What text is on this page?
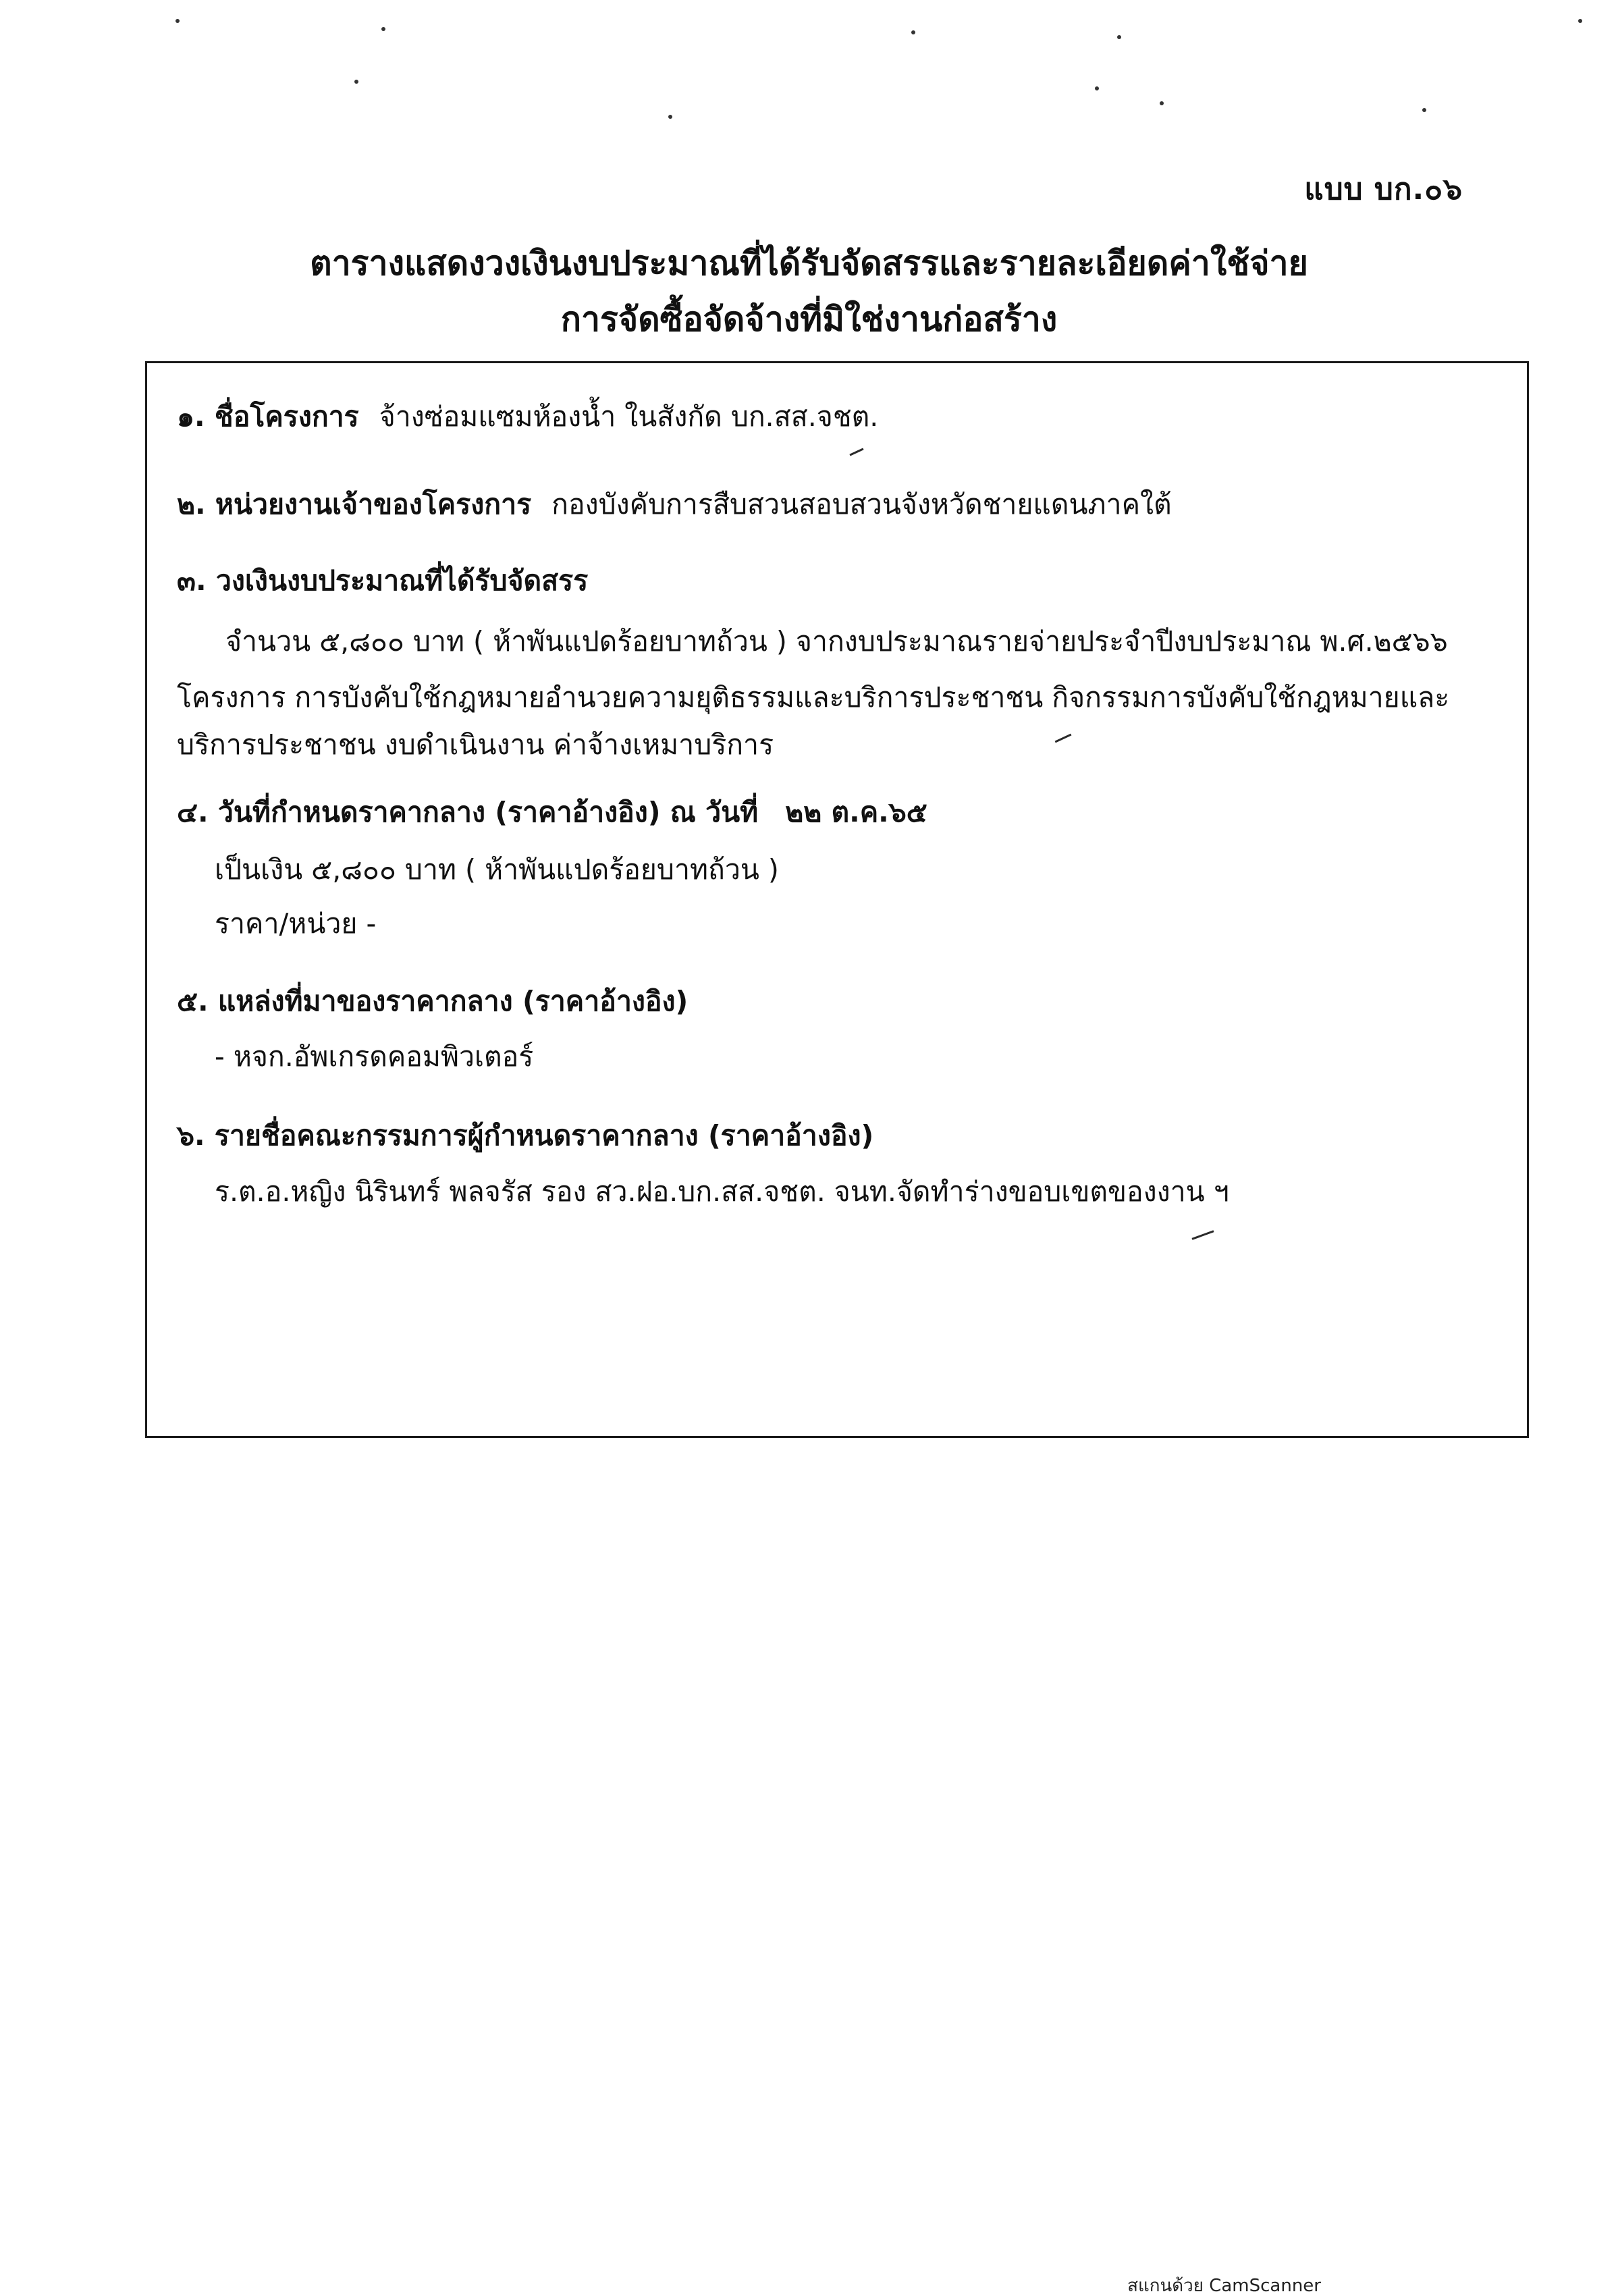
แบบ บก.๐๖
ตารางแสดงวงเงินงบประมาณที่ได้รับจัดสรรและรายละเอียดค่าใช้จ่าย
การจัดซื้อจัดจ้างที่มิใช่งานก่อสร้าง
๑. ชื่อโครงการ จ้างซ่อมแซมห้องน้ำ ในสังกัด บก.สส.จชต.
๒. หน่วยงานเจ้าของโครงการ กองบังคับการสืบสวนสอบสวนจังหวัดชายแดนภาคใต้
๓. วงเงินงบประมาณที่ได้รับจัดสรร
จำนวน ๕,๘๐๐ บาท ( ห้าพันแปดร้อยบาทถ้วน ) จากงบประมาณรายจ่ายประจำปีงบประมาณ พ.ศ.๒๕๖๖
โครงการ การบังคับใช้กฎหมายอำนวยความยุติธรรมและบริการประชาชน กิจกรรมการบังคับใช้กฎหมายและ
บริการประชาชน งบดำเนินงาน ค่าจ้างเหมาบริการ
๔. วันที่กำหนดราคากลาง (ราคาอ้างอิง) ณ วันที่ ๒๒ ต.ค.๖๕
เป็นเงิน ๕,๘๐๐ บาท ( ห้าพันแปดร้อยบาทถ้วน )
ราคา/หน่วย -
๕. แหล่งที่มาของราคากลาง (ราคาอ้างอิง)
- หจก.อัพเกรดคอมพิวเตอร์
๖. รายชื่อคณะกรรมการผู้กำหนดราคากลาง (ราคาอ้างอิง)
ร.ต.อ.หญิง นิรินทร์ พลจรัส รอง สว.ฝอ.บก.สส.จชต. จนท.จัดทำร่างขอบเขตของงาน ฯ
สแกนด้วย CamScanner
